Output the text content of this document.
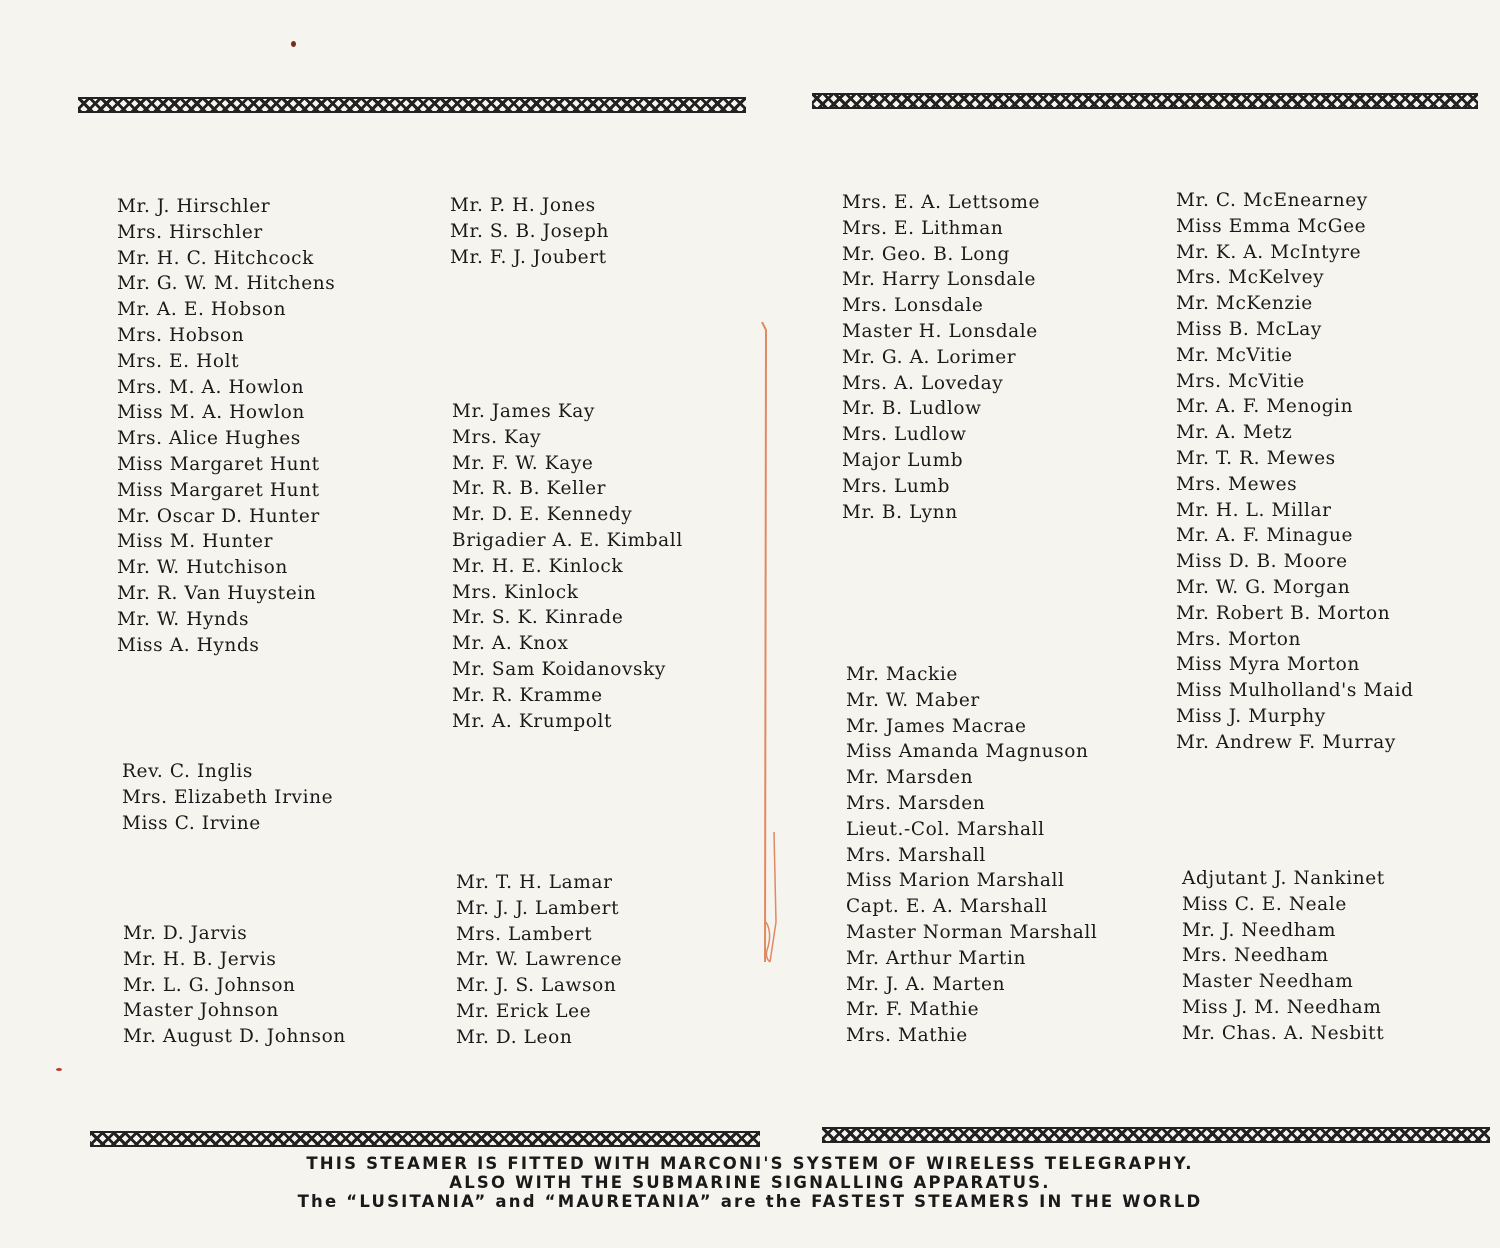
Mr. J. Hirschler
Mrs. Hirschler
Mr. H. C. Hitchcock
Mr. G. W. M. Hitchens
Mr. A. E. Hobson
Mrs. Hobson
Mrs. E. Holt
Mrs. M. A. Howlon
Miss M. A. Howlon
Mrs. Alice Hughes
Miss Margaret Hunt
Miss Margaret Hunt
Mr. Oscar D. Hunter
Miss M. Hunter
Mr. W. Hutchison
Mr. R. Van Huystein
Mr. W. Hynds
Miss A. Hynds
Rev. C. Inglis
Mrs. Elizabeth Irvine
Miss C. Irvine
Mr. D. Jarvis
Mr. H. B. Jervis
Mr. L. G. Johnson
Master Johnson
Mr. August D. Johnson
Mr. P. H. Jones
Mr. S. B. Joseph
Mr. F. J. Joubert
Mr. James Kay
Mrs. Kay
Mr. F. W. Kaye
Mr. R. B. Keller
Mr. D. E. Kennedy
Brigadier A. E. Kimball
Mr. H. E. Kinlock
Mrs. Kinlock
Mr. S. K. Kinrade
Mr. A. Knox
Mr. Sam Koidanovsky
Mr. R. Kramme
Mr. A. Krumpolt
Mr. T. H. Lamar
Mr. J. J. Lambert
Mrs. Lambert
Mr. W. Lawrence
Mr. J. S. Lawson
Mr. Erick Lee
Mr. D. Leon
Mrs. E. A. Lettsome
Mrs. E. Lithman
Mr. Geo. B. Long
Mr. Harry Lonsdale
Mrs. Lonsdale
Master H. Lonsdale
Mr. G. A. Lorimer
Mrs. A. Loveday
Mr. B. Ludlow
Mrs. Ludlow
Major Lumb
Mrs. Lumb
Mr. B. Lynn
Mr. Mackie
Mr. W. Maber
Mr. James Macrae
Miss Amanda Magnuson
Mr. Marsden
Mrs. Marsden
Lieut.-Col. Marshall
Mrs. Marshall
Miss Marion Marshall
Capt. E. A. Marshall
Master Norman Marshall
Mr. Arthur Martin
Mr. J. A. Marten
Mr. F. Mathie
Mrs. Mathie
Mr. C. McEnearney
Miss Emma McGee
Mr. K. A. McIntyre
Mrs. McKelvey
Mr. McKenzie
Miss B. McLay
Mr. McVitie
Mrs. McVitie
Mr. A. F. Menogin
Mr. A. Metz
Mr. T. R. Mewes
Mrs. Mewes
Mr. H. L. Millar
Mr. A. F. Minague
Miss D. B. Moore
Mr. W. G. Morgan
Mr. Robert B. Morton
Mrs. Morton
Miss Myra Morton
Miss Mulholland's Maid
Miss J. Murphy
Mr. Andrew F. Murray
Adjutant J. Nankinet
Miss C. E. Neale
Mr. J. Needham
Mrs. Needham
Master Needham
Miss J. M. Needham
Mr. Chas. A. Nesbitt
THIS STEAMER IS FITTED WITH MARCONI'S SYSTEM OF WIRELESS TELEGRAPHY.
ALSO WITH THE SUBMARINE SIGNALLING APPARATUS.
The “LUSITANIA” and “MAURETANIA” are the FASTEST STEAMERS IN THE WORLD
